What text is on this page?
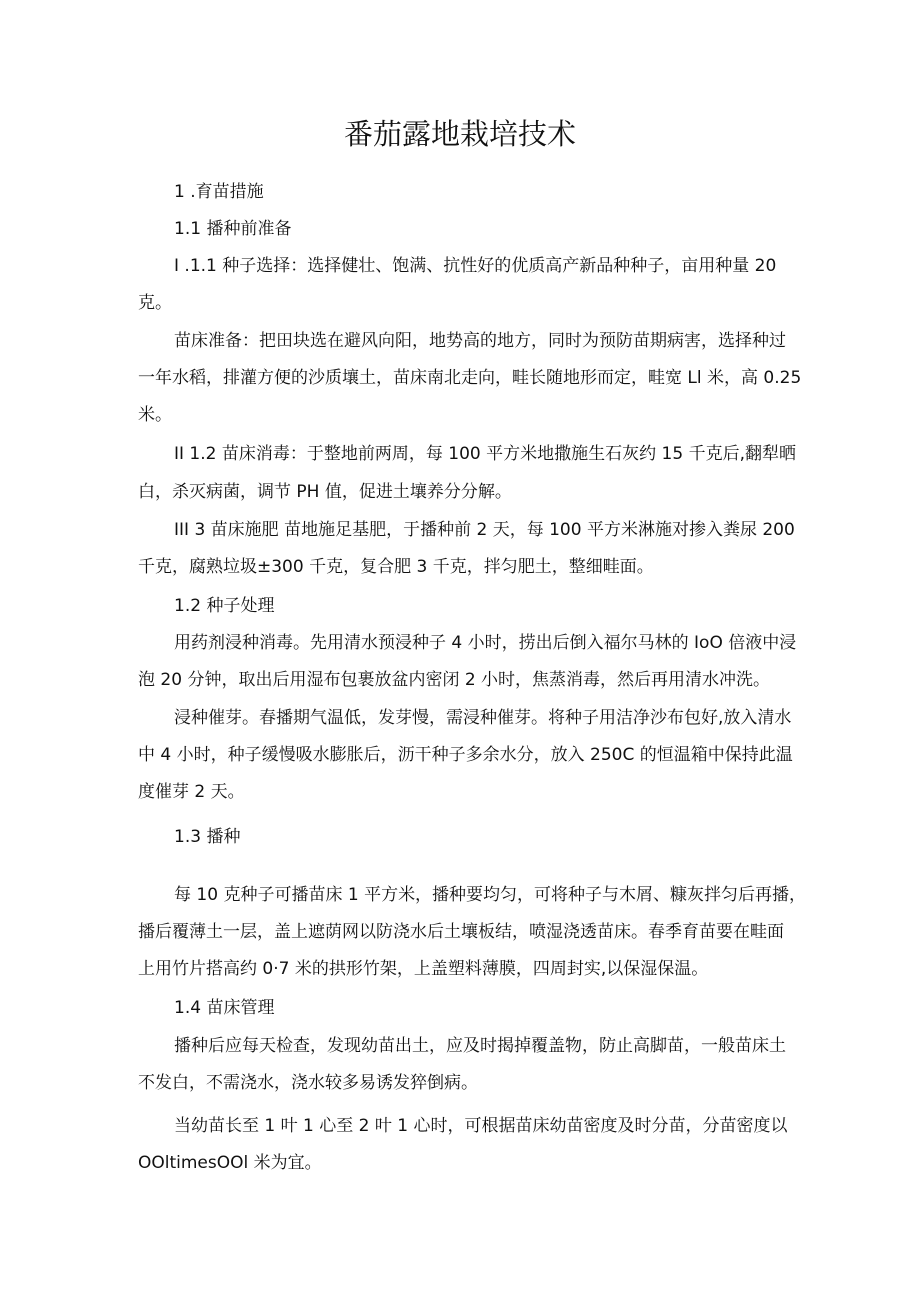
番茄露地栽培技术

1 .育苗措施

1.1 播种前准备

I .1.1 种子选择：选择健壮、饱满、抗性好的优质高产新品种种子，亩用种量 20

克。

苗床准备：把田块选在避风向阳，地势高的地方，同时为预防苗期病害，选择种过

一年水稻，排灌方便的沙质壤土，苗床南北走向，畦长随地形而定，畦宽 Ll 米，高 0.25

米。

II 1.2 苗床消毒：于整地前两周，每 100 平方米地撒施生石灰约 15 千克后,翻犁晒

白，杀灭病菌，调节 PH 值，促进土壤养分分解。

III 3 苗床施肥 苗地施足基肥，于播种前 2 天，每 100 平方米淋施对掺入粪尿 200

千克，腐熟垃圾±300 千克，复合肥 3 千克，拌匀肥土，整细畦面。

1.2 种子处理

用药剂浸种消毒。先用清水预浸种子 4 小时，捞出后倒入福尔马林的 IoO 倍液中浸

泡 20 分钟，取出后用湿布包裹放盆内密闭 2 小时，焦蒸消毒，然后再用清水冲洗。

浸种催芽。春播期气温低，发芽慢，需浸种催芽。将种子用洁净沙布包好,放入清水

中 4 小时，种子缓慢吸水膨胀后，沥干种子多余水分，放入 250C 的恒温箱中保持此温

度催芽 2 天。

1.3 播种

每 10 克种子可播苗床 1 平方米，播种要均匀，可将种子与木屑、糠灰拌匀后再播，

播后覆薄土一层，盖上遮荫网以防浇水后土壤板结，喷湿浇透苗床。春季育苗要在畦面

上用竹片搭高约 0·7 米的拱形竹架，上盖塑料薄膜，四周封实,以保湿保温。

1.4 苗床管理

播种后应每天检查，发现幼苗出土，应及时揭掉覆盖物，防止高脚苗，一般苗床土

不发白，不需浇水，浇水较多易诱发猝倒病。

当幼苗长至 1 叶 1 心至 2 叶 1 心时，可根据苗床幼苗密度及时分苗，分苗密度以

OOltimesOOl 米为宜。
